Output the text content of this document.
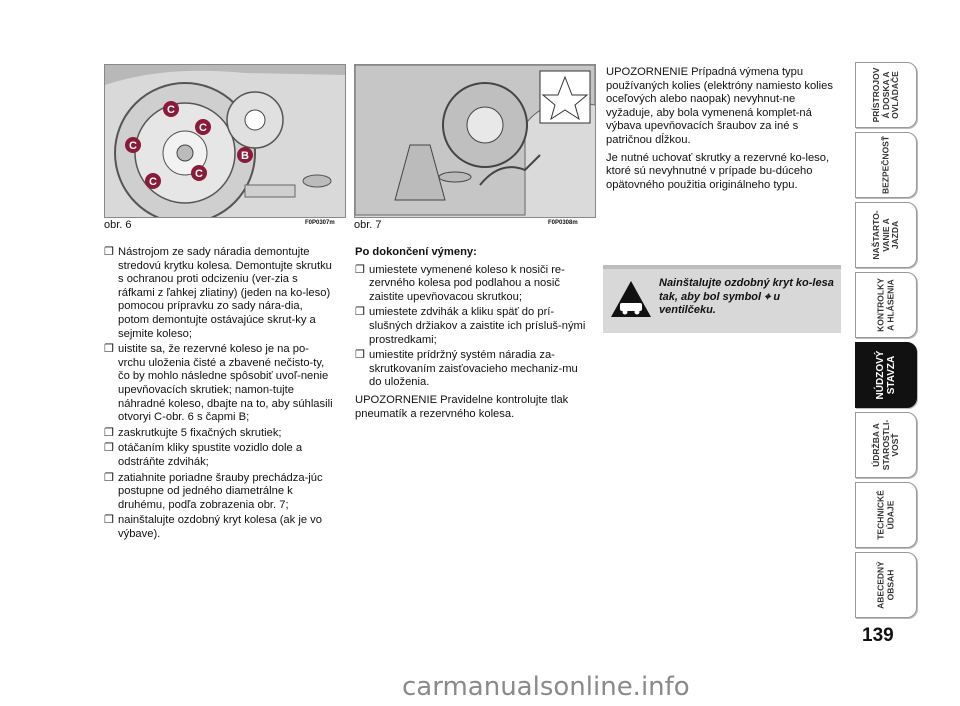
C
C
C
C
C
B
obr. 6	F0P0307m obr. 7	F0P0308m
❐ Nástrojom ze sady náradia demontujte stredovú krytku kolesa. Demontujte skrutku s ochranou proti odcizeniu (ver-zia s ráfkami z ľahkej zliatiny) (jeden na ko-leso) pomocou prípravku zo sady nára-dia, potom demontujte ostávajúce skrut-ky a sejmite koleso;
❐ uistite sa, že rezervné koleso je na po-vrchu uloženia čisté a zbavené nečisto-ty, čo by mohlo následne spôsobiť uvoľ-nenie upevňovacích skrutiek; namon-tujte náhradné koleso, dbajte na to, aby súhlasili otvoryi C-obr. 6 s čapmi B;
❐ zaskrutkujte 5 fixačných skrutiek;
❐ otáčaním kliky spustite vozidlo dole a odstráňte zdvihák;
❐ zatiahnite poriadne šrauby prechádza-júc postupne od jedného diametrálne k druhému, podľa zobrazenia obr. 7;
❐ nainštalujte ozdobný kryt kolesa (ak je vo výbave).

Po dokončení výmeny:

❐ umiestete vymenené koleso k nosiči re-zervného kolesa pod podlahou a nosič zaistite upevňovacou skrutkou;
❐ umiestete zdvihák a kliku späť do prí-slušných držiakov a zaistite ich prísluš-nými prostredkami;
❐ umiestite prídržný systém náradia za-skrutkovaním zaisťovacieho mechaniz-mu do uloženia.

UPOZORNENIE Pravidelne kontrolujte tlak pneumatík a rezervného kolesa.

UPOZORNENIE Prípadná výmena typu používaných kolies (elektróny namiesto kolies oceľových alebo naopak) nevyhnut-ne vyžaduje, aby bola vymenená komplet-ná výbava upevňovacích šraubov za iné s patričnou dĺžkou.

Je nutné uchovať skrutky a rezervné ko-leso, ktoré sú nevyhnutné v prípade bu-dúceho opätovného použitia originálneho typu.

Nainštalujte ozdobný kryt ko-lesa tak, aby bol symbol ⌖ u ventilčeku.
PRÍSTROJOV
Á DOSKA A
OVLÁDAČE
BEZPEČNOSŤ
NAŠTARTO-
VANIE A
JAZDA
KONTROLKY
A HLÁSENIA
NÚDZOVÝ
STAVZA
ÚDRŽBA A
STAROSTLI-
VOSŤ
TECHNICKÉ
ÚDAJE
ABECEDNÝ
OBSAH
139
carmanualsonline.info
